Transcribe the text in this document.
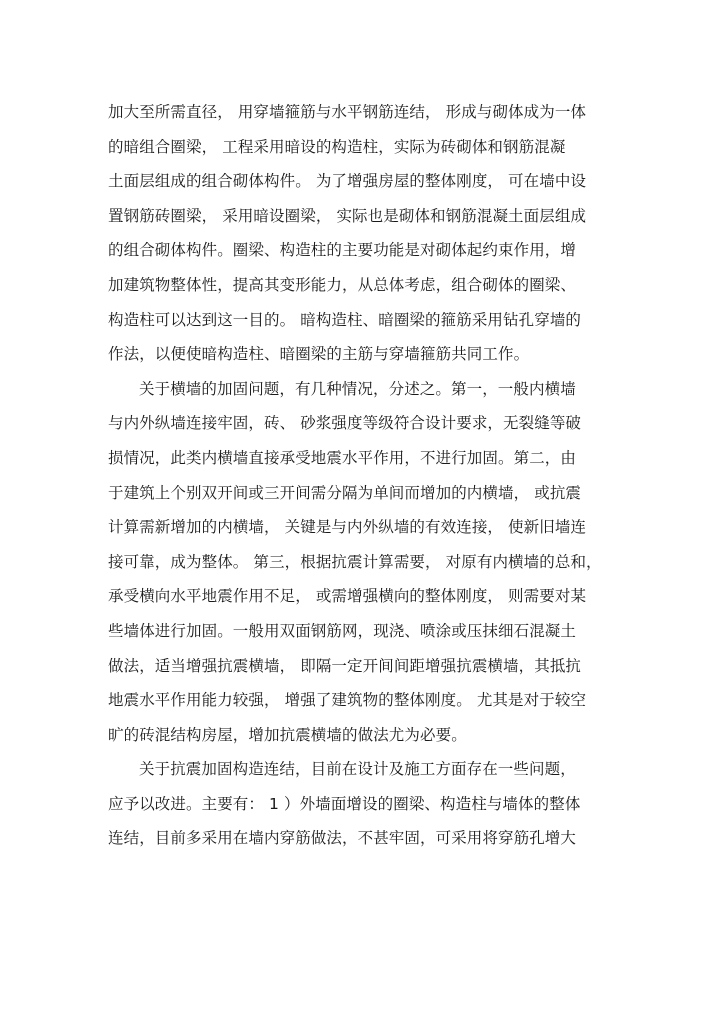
加大至所需直径， 用穿墙箍筋与水平钢筋连结， 形成与砌体成为一体
的暗组合圈梁， 工程采用暗设的构造柱，实际为砖砌体和钢筋混凝
土面层组成的组合砌体构件。 为了增强房屋的整体刚度， 可在墙中设
置钢筋砖圈梁， 采用暗设圈梁， 实际也是砌体和钢筋混凝土面层组成
的组合砌体构件。圈梁、构造柱的主要功能是对砌体起约束作用，增
加建筑物整体性，提高其变形能力，从总体考虑，组合砌体的圈梁、
构造柱可以达到这一目的。 暗构造柱、暗圈梁的箍筋采用钻孔穿墙的
作法，以便使暗构造柱、暗圈梁的主筋与穿墙箍筋共同工作。
关于横墙的加固问题，有几种情况，分述之。第一，一般内横墙
与内外纵墙连接牢固，砖、 砂浆强度等级符合设计要求，无裂缝等破
损情况，此类内横墙直接承受地震水平作用，不进行加固。第二，由
于建筑上个别双开间或三开间需分隔为单间而增加的内横墙， 或抗震
计算需新增加的内横墙， 关键是与内外纵墙的有效连接， 使新旧墙连
接可靠，成为整体。 第三，根据抗震计算需要， 对原有内横墙的总和，
承受横向水平地震作用不足， 或需增强横向的整体刚度， 则需要对某
些墙体进行加固。一般用双面钢筋网，现浇、喷涂或压抹细石混凝土
做法，适当增强抗震横墙， 即隔一定开间间距增强抗震横墙，其抵抗
地震水平作用能力较强， 增强了建筑物的整体刚度。 尤其是对于较空
旷的砖混结构房屋，增加抗震横墙的做法尤为必要。
关于抗震加固构造连结，目前在设计及施工方面存在一些问题，
应予以改进。主要有： 1 ）外墙面增设的圈梁、构造柱与墙体的整体
连结，目前多采用在墙内穿筋做法，不甚牢固，可采用将穿筋孔增大
